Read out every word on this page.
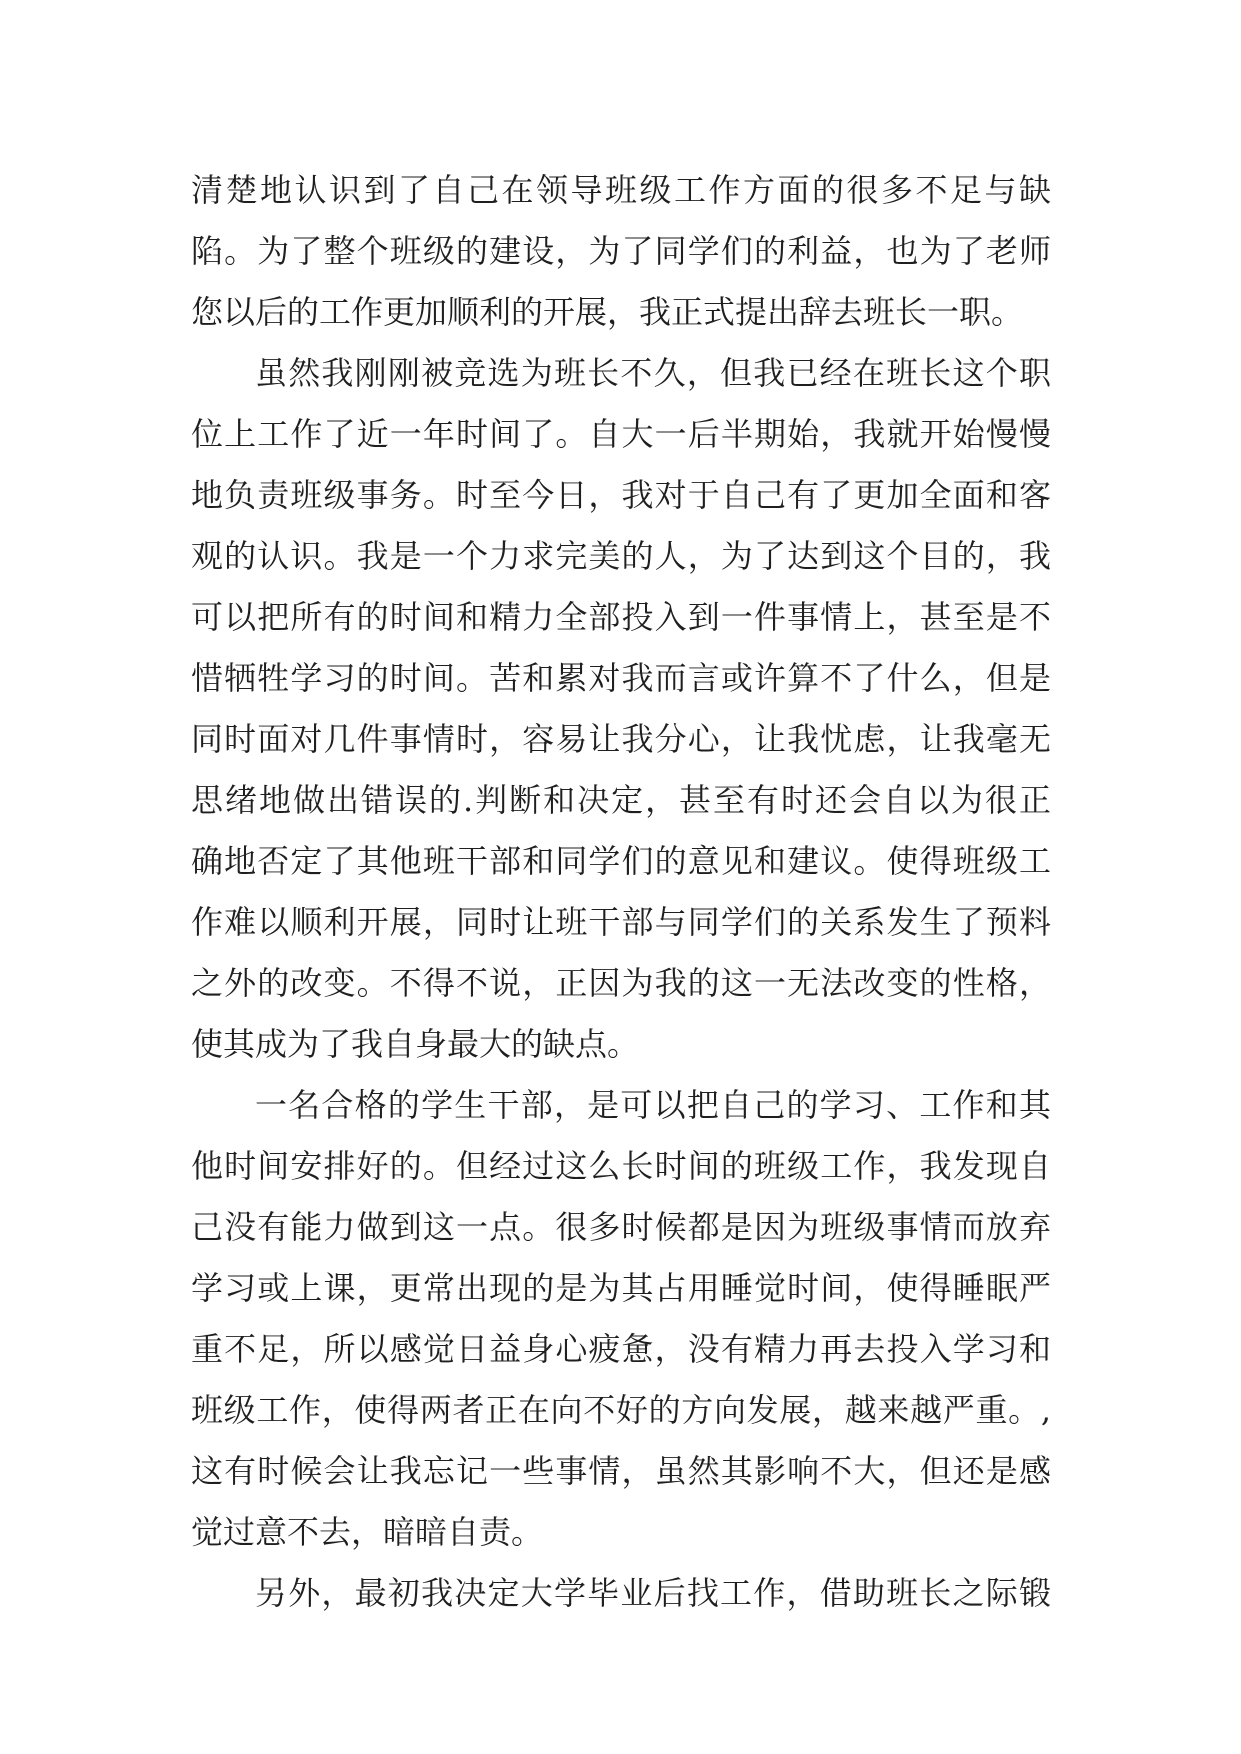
清楚地认识到了自己在领导班级工作方面的很多不足与缺
陷。为了整个班级的建设，为了同学们的利益，也为了老师
您以后的工作更加顺利的开展，我正式提出辞去班长一职。
虽然我刚刚被竞选为班长不久，但我已经在班长这个职
位上工作了近一年时间了。自大一后半期始，我就开始慢慢
地负责班级事务。时至今日，我对于自己有了更加全面和客
观的认识。我是一个力求完美的人，为了达到这个目的，我
可以把所有的时间和精力全部投入到一件事情上，甚至是不
惜牺牲学习的时间。苦和累对我而言或许算不了什么，但是
同时面对几件事情时，容易让我分心，让我忧虑，让我毫无
思绪地做出错误的.判断和决定，甚至有时还会自以为很正
确地否定了其他班干部和同学们的意见和建议。使得班级工
作难以顺利开展，同时让班干部与同学们的关系发生了预料
之外的改变。不得不说，正因为我的这一无法改变的性格，
使其成为了我自身最大的缺点。
一名合格的学生干部，是可以把自己的学习、工作和其
他时间安排好的。但经过这么长时间的班级工作，我发现自
己没有能力做到这一点。很多时候都是因为班级事情而放弃
学习或上课，更常出现的是为其占用睡觉时间，使得睡眠严
重不足，所以感觉日益身心疲惫，没有精力再去投入学习和
班级工作，使得两者正在向不好的方向发展，越来越严重。,
这有时候会让我忘记一些事情，虽然其影响不大，但还是感
觉过意不去，暗暗自责。
另外，最初我决定大学毕业后找工作，借助班长之际锻
